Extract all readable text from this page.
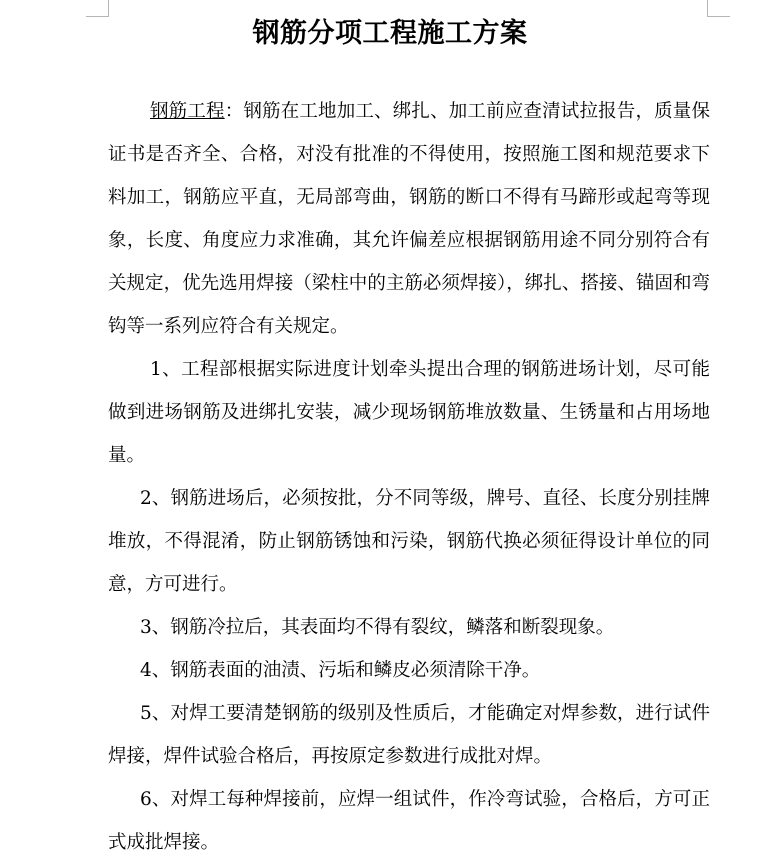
钢筋分项工程施工方案

钢筋工程：钢筋在工地加工、绑扎、加工前应查清试拉报告，质量保证书是否齐全、合格，对没有批准的不得使用，按照施工图和规范要求下料加工，钢筋应平直，无局部弯曲，钢筋的断口不得有马蹄形或起弯等现象，长度、角度应力求准确，其允许偏差应根据钢筋用途不同分别符合有关规定，优先选用焊接（梁柱中的主筋必须焊接），绑扎、搭接、锚固和弯钩等一系列应符合有关规定。

1、工程部根据实际进度计划牵头提出合理的钢筋进场计划，尽可能做到进场钢筋及进绑扎安装，减少现场钢筋堆放数量、生锈量和占用场地量。

2、钢筋进场后，必须按批，分不同等级，牌号、直径、长度分别挂牌堆放，不得混淆，防止钢筋锈蚀和污染，钢筋代换必须征得设计单位的同意，方可进行。

3、钢筋冷拉后，其表面均不得有裂纹，鳞落和断裂现象。

4、钢筋表面的油渍、污垢和鳞皮必须清除干净。

5、对焊工要清楚钢筋的级别及性质后，才能确定对焊参数，进行试件焊接，焊件试验合格后，再按原定参数进行成批对焊。

6、对焊工每种焊接前，应焊一组试件，作冷弯试验，合格后，方可正式成批焊接。
